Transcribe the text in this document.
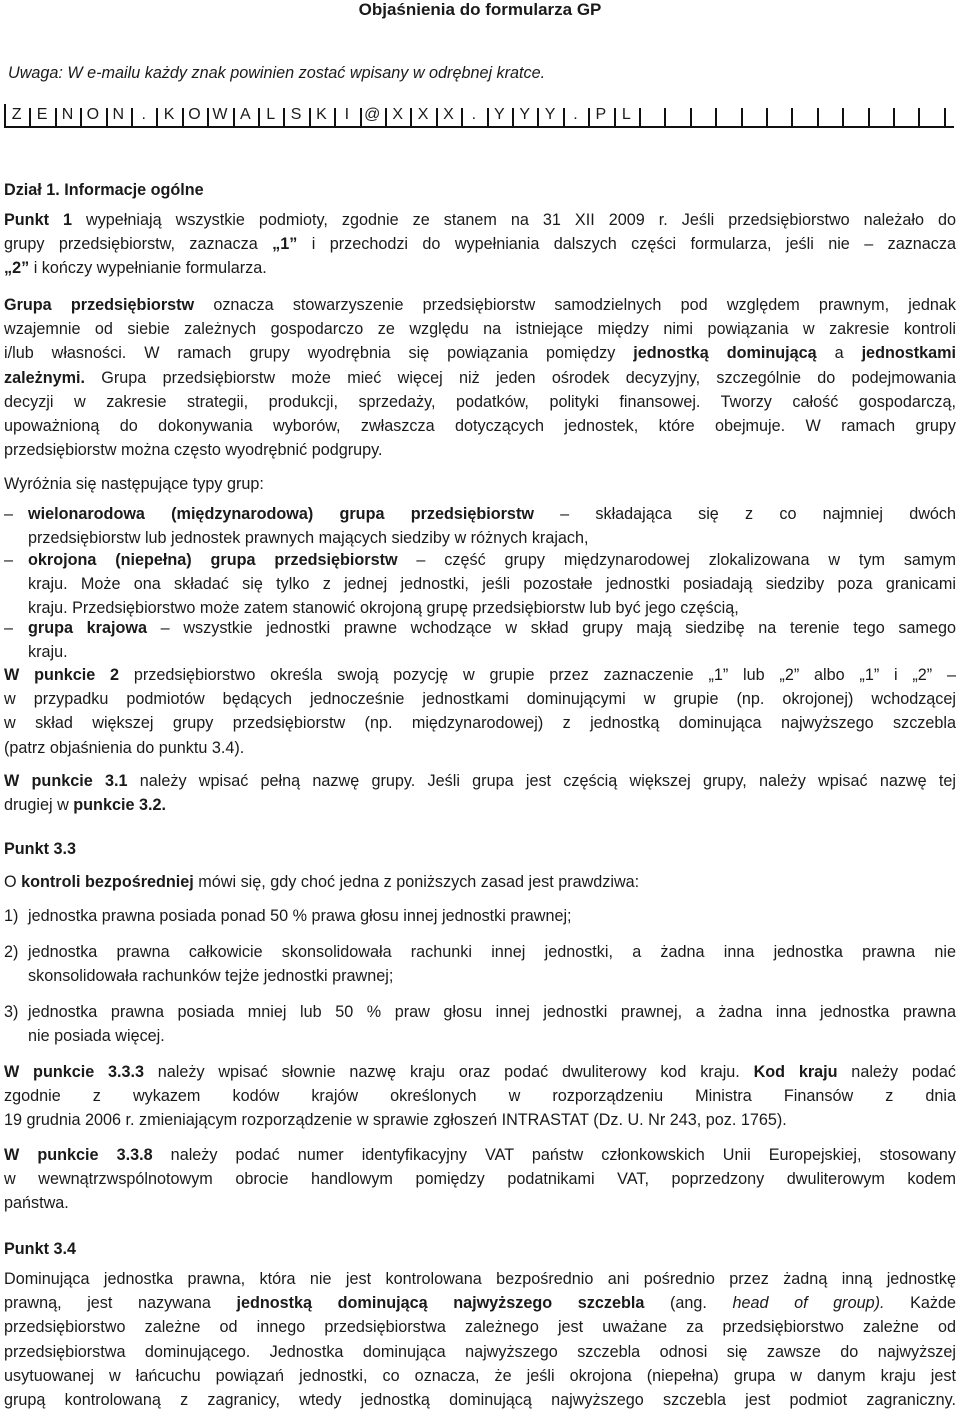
Objaśnienia do formularza GP
Uwaga: W e-mailu każdy znak powinien zostać wpisany w odrębnej kratce.
Z E N O N	.	K O W A L S K	I @ X X X	.	Y Y Y	.	P L
Dział 1. Informacje ogólne

Punkt 1 wypełniają wszystkie podmioty, zgodnie ze stanem na 31 XII 2009 r. Jeśli przedsiębiorstwo należało do

grupy przedsiębiorstw, zaznacza „1” i przechodzi do wypełniania dalszych części formularza, jeśli nie – zaznacza

„2” i kończy wypełnianie formularza.

Grupa przedsiębiorstw oznacza stowarzyszenie przedsiębiorstw samodzielnych pod względem prawnym, jednak

wzajemnie od siebie zależnych gospodarczo ze względu na istniejące między nimi powiązania w zakresie kontroli

i/lub własności. W ramach grupy wyodrębnia się powiązania pomiędzy jednostką dominującą a jednostkami

zależnymi. Grupa przedsiębiorstw może mieć więcej niż jeden ośrodek decyzyjny, szczególnie do podejmowania

decyzji w zakresie strategii, produkcji, sprzedaży, podatków, polityki finansowej. Tworzy całość gospodarczą,

upoważnioną do dokonywania wyborów, zwłaszcza dotyczących jednostek, które obejmuje. W ramach grupy

przedsiębiorstw można często wyodrębnić podgrupy.

Wyróżnia się następujące typy grup:
– wielonarodowa (międzynarodowa) grupa przedsiębiorstw – składająca się z co najmniej dwóch

przedsiębiorstw lub jednostek prawnych mających siedziby w różnych krajach,

– okrojona (niepełna) grupa przedsiębiorstw – część grupy międzynarodowej zlokalizowana w tym samym

kraju. Może ona składać się tylko z jednej jednostki, jeśli pozostałe jednostki posiadają siedziby poza granicami

kraju. Przedsiębiorstwo może zatem stanowić okrojoną grupę przedsiębiorstw lub być jego częścią,

– grupa krajowa – wszystkie jednostki prawne wchodzące w skład grupy mają siedzibę na terenie tego samego

kraju.

W punkcie 2 przedsiębiorstwo określa swoją pozycję w grupie przez zaznaczenie „1” lub „2” albo „1” i „2” –

w przypadku podmiotów będących jednocześnie jednostkami dominującymi w grupie (np. okrojonej) wchodzącej

w skład większej grupy przedsiębiorstw (np. międzynarodowej) z jednostką dominująca najwyższego szczebla

(patrz objaśnienia do punktu 3.4).

W punkcie 3.1 należy wpisać pełną nazwę grupy. Jeśli grupa jest częścią większej grupy, należy wpisać nazwę tej

drugiej w punkcie 3.2.

Punkt 3.3
O kontroli bezpośredniej mówi się, gdy choć jedna z poniższych zasad jest prawdziwa:
1) jednostka prawna posiada ponad 50 % prawa głosu innej jednostki prawnej;

2) jednostka prawna całkowicie skonsolidowała rachunki innej jednostki, a żadna inna jednostka prawna nie

skonsolidowała rachunków tejże jednostki prawnej;

3) jednostka prawna posiada mniej lub 50 % praw głosu innej jednostki prawnej, a żadna inna jednostka prawna

nie posiada więcej.

W punkcie 3.3.3 należy wpisać słownie nazwę kraju oraz podać dwuliterowy kod kraju. Kod kraju należy podać

zgodnie z wykazem kodów krajów określonych w rozporządzeniu Ministra Finansów z dnia

19 grudnia 2006 r. zmieniającym rozporządzenie w sprawie zgłoszeń INTRASTAT (Dz. U. Nr 243, poz. 1765).

W punkcie 3.3.8 należy podać numer identyfikacyjny VAT państw członkowskich Unii Europejskiej, stosowany

w wewnątrzwspólnotowym obrocie handlowym pomiędzy podatnikami VAT, poprzedzony dwuliterowym kodem

państwa.

Punkt 3.4

Dominująca jednostka prawna, która nie jest kontrolowana bezpośrednio ani pośrednio przez żadną inną jednostkę

prawną, jest nazywana jednostką dominującą najwyższego szczebla (ang. head of group). Każde

przedsiębiorstwo zależne od innego przedsiębiorstwa zależnego jest uważane za przedsiębiorstwo zależne od

przedsiębiorstwa dominującego. Jednostka dominująca najwyższego szczebla odnosi się zawsze do najwyższej

usytuowanej w łańcuchu powiązań jednostki, co oznacza, że jeśli okrojona (niepełna) grupa w danym kraju jest

grupą kontrolowaną z zagranicy, wtedy jednostką dominującą najwyższego szczebla jest podmiot zagraniczny.
